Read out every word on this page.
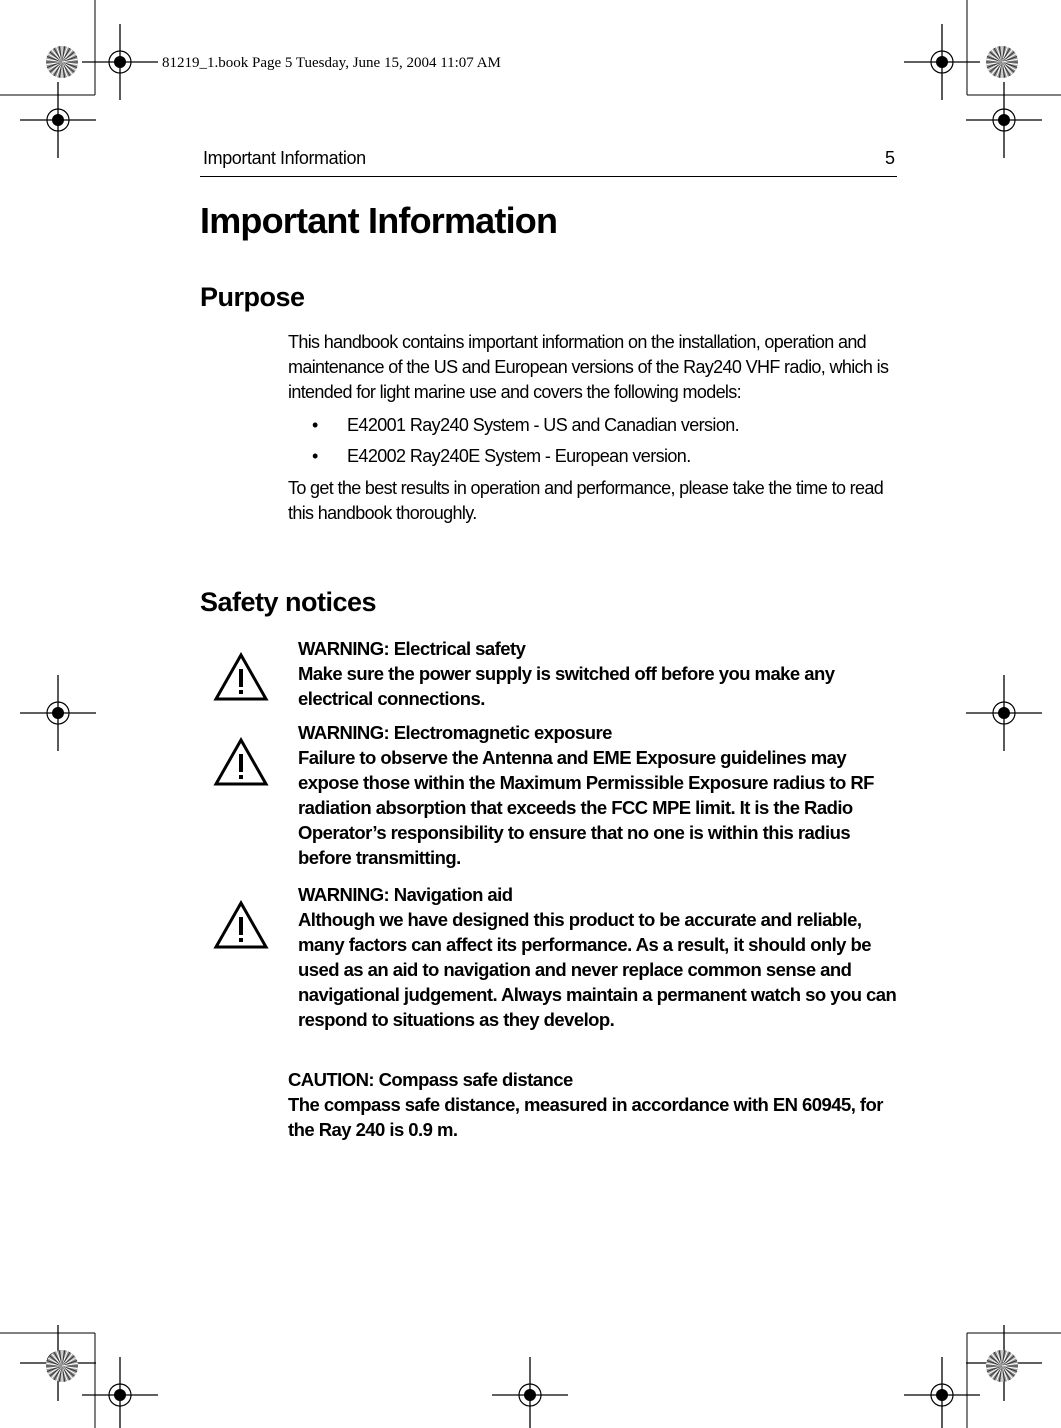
81219_1.book Page 5 Tuesday, June 15, 2004 11:07 AM
Important Information	5
Important Information
Purpose
This handbook contains important information on the installation, operation and maintenance of the US and European versions of the Ray240 VHF radio, which is intended for light marine use and covers the following models:
• E42001 Ray240 System - US and Canadian version.
• E42002 Ray240E System - European version.
To get the best results in operation and performance, please take the time to read this handbook thoroughly.
Safety notices
WARNING: Electrical safety
Make sure the power supply is switched off before you make any electrical connections.
WARNING: Electromagnetic exposure
Failure to observe the Antenna and EME Exposure guidelines may expose those within the Maximum Permissible Exposure radius to RF radiation absorption that exceeds the FCC MPE limit. It is the Radio Operator’s responsibility to ensure that no one is within this radius before transmitting.
WARNING: Navigation aid
Although we have designed this product to be accurate and reliable, many factors can affect its performance. As a result, it should only be used as an aid to navigation and never replace common sense and navigational judgement. Always maintain a permanent watch so you can respond to situations as they develop.
CAUTION: Compass safe distance
The compass safe distance, measured in accordance with EN 60945, for the Ray 240 is 0.9 m.
